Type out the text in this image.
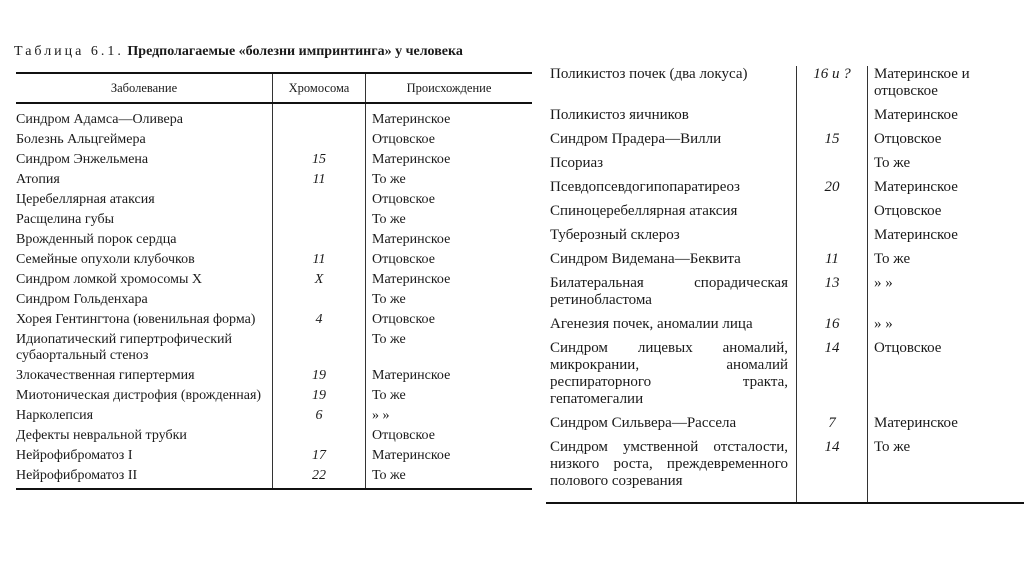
Таблица 6.1. Предполагаемые «болезни импринтинга» у человека
Заболевание	Хромосома	Происхождение
Синдром Адамса—Оливера		Материнское
Болезнь Альцгеймера		Отцовское
Синдром Энжельмена	15	Материнское
Атопия	11	То же
Церебеллярная атаксия		Отцовское
Расщелина губы		То же
Врожденный порок сердца		Материнское
Семейные опухоли клубочков	11	Отцовское
Синдром ломкой хромосомы X	X	Материнское
Синдром Гольденхара		То же
Хорея Гентингтона (ювенильная форма)	4	Отцовское
Идиопатический гипертрофический субаортальный стеноз		То же
Злокачественная гипертермия	19	Материнское
Миотоническая дистрофия (врожденная)	19	То же
Нарколепсия	6	» »
Дефекты невральной трубки		Отцовское
Нейрофиброматоз I	17	Материнское
Нейрофиброматоз II	22	То же
Поликистоз почек (два локуса)	16 и ?	Материнское и отцовское
Поликистоз яичников		Материнское
Синдром Прадера—Вилли	15	Отцовское
Псориаз		То же
Псевдопсевдогипопаратиреоз	20	Материнское
Спиноцеребеллярная атаксия		Отцовское
Туберозный склероз		Материнское
Синдром Видемана—Беквита	11	То же
Билатеральная спорадическая ретинобластома	13	» »
Агенезия почек, аномалии лица	16	» »
Синдром лицевых аномалий, микрокрании, аномалий респираторного тракта, гепатомегалии	14	Отцовское
Синдром Сильвера—Рассела	7	Материнское
Синдром умственной отсталости, низкого роста, преждевременного полового созревания	14	То же
